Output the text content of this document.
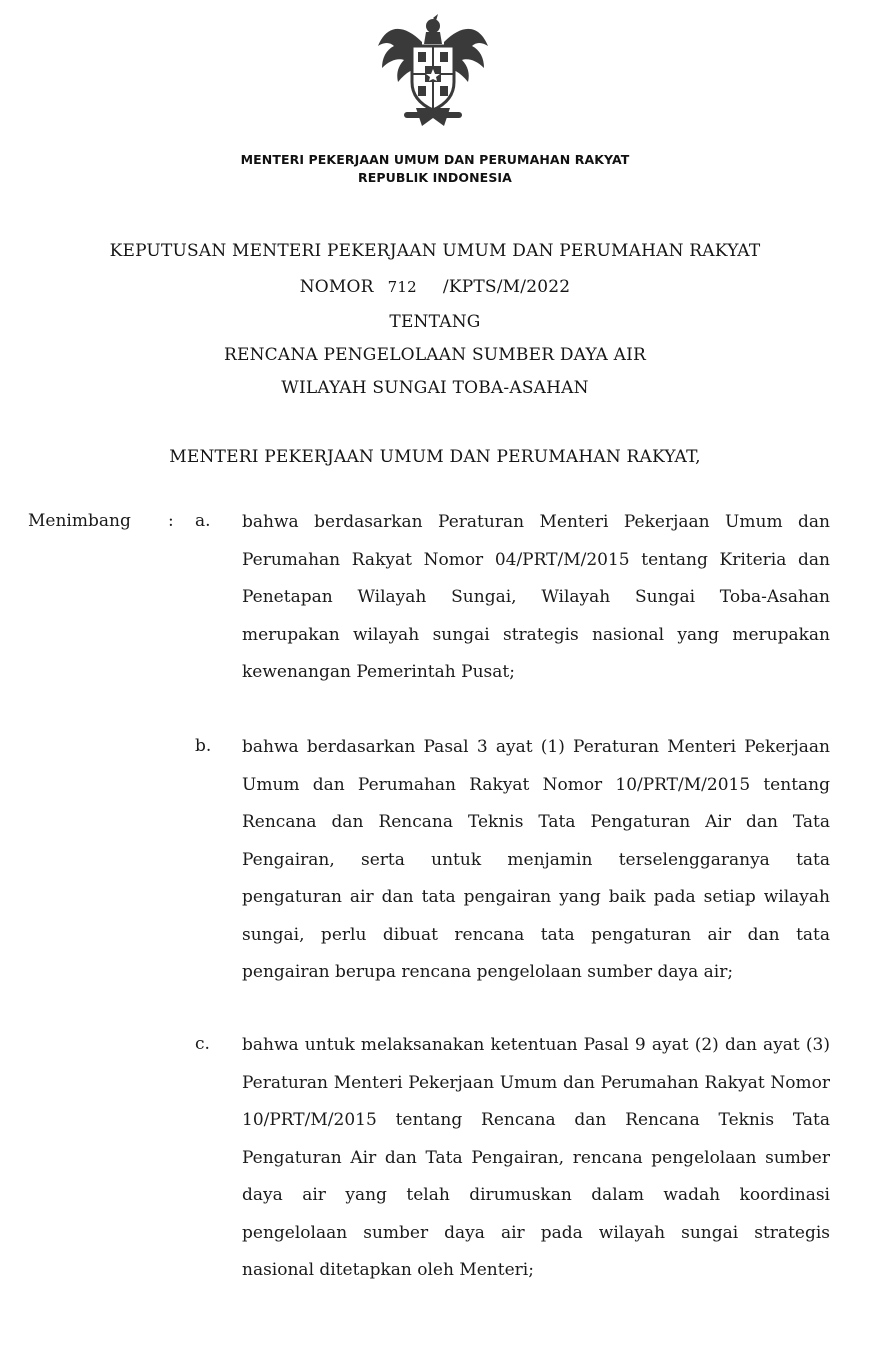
MENTERI PEKERJAAN UMUM DAN PERUMAHAN RAKYAT
REPUBLIK INDONESIA
KEPUTUSAN MENTERI PEKERJAAN UMUM DAN PERUMAHAN RAKYAT
NOMOR 712 /KPTS/M/2022
TENTANG
RENCANA PENGELOLAAN SUMBER DAYA AIR
WILAYAH SUNGAI TOBA-ASAHAN
MENTERI PEKERJAAN UMUM DAN PERUMAHAN RAKYAT,
Menimbang : a. bahwa berdasarkan Peraturan Menteri Pekerjaan Umum dan Perumahan Rakyat Nomor 04/PRT/M/2015 tentang Kriteria dan Penetapan Wilayah Sungai, Wilayah Sungai Toba-Asahan merupakan wilayah sungai strategis nasional yang merupakan kewenangan Pemerintah Pusat;
b. bahwa berdasarkan Pasal 3 ayat (1) Peraturan Menteri Pekerjaan Umum dan Perumahan Rakyat Nomor 10/PRT/M/2015 tentang Rencana dan Rencana Teknis Tata Pengaturan Air dan Tata Pengairan, serta untuk menjamin terselenggaranya tata pengaturan air dan tata pengairan yang baik pada setiap wilayah sungai, perlu dibuat rencana tata pengaturan air dan tata pengairan berupa rencana pengelolaan sumber daya air;
c. bahwa untuk melaksanakan ketentuan Pasal 9 ayat (2) dan ayat (3) Peraturan Menteri Pekerjaan Umum dan Perumahan Rakyat Nomor 10/PRT/M/2015 tentang Rencana dan Rencana Teknis Tata Pengaturan Air dan Tata Pengairan, rencana pengelolaan sumber daya air yang telah dirumuskan dalam wadah koordinasi pengelolaan sumber daya air pada wilayah sungai strategis nasional ditetapkan oleh Menteri;
